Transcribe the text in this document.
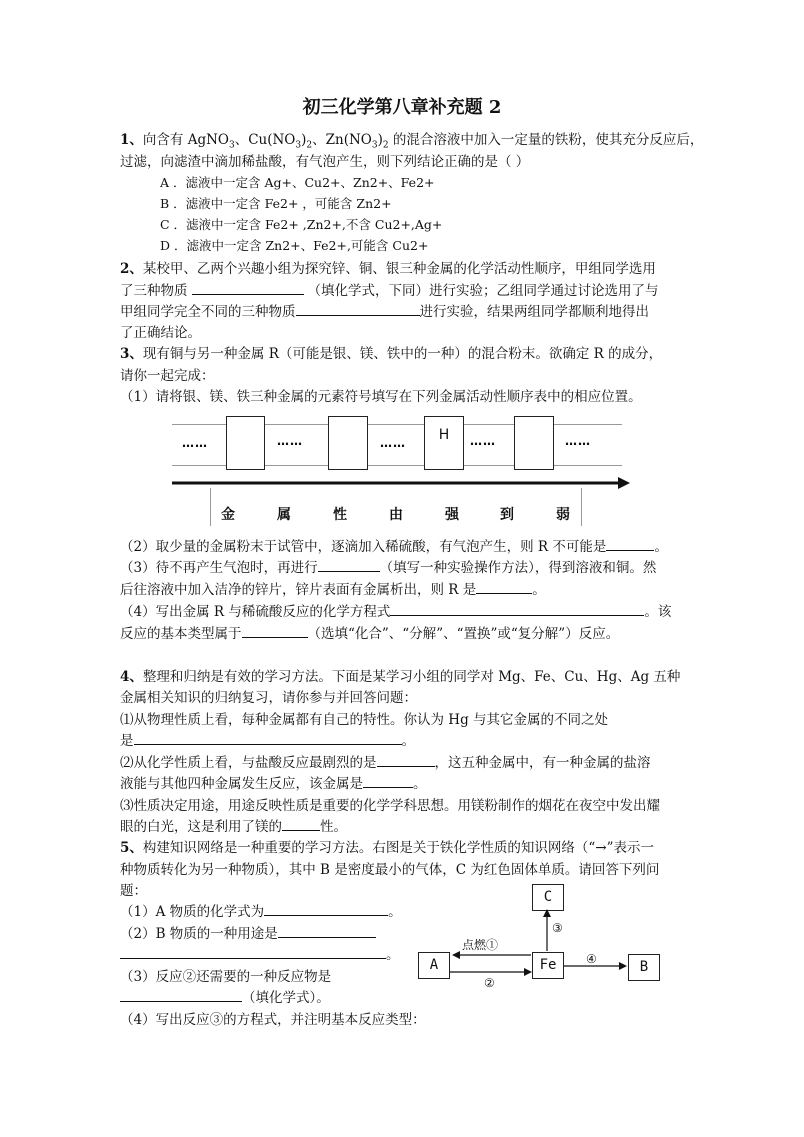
初三化学第八章补充题 2
1、向含有 AgNO$_3$、$Cu(NO_3)_2$、$Zn(NO_3)_2$ 的混合溶液中加入一定量的铁粉，使其充分反应后，
过滤，向滤渣中滴加稀盐酸，有气泡产生，则下列结论正确的是（ ）
A ．滤液中一定含 Ag+、Cu2+、Zn2+、Fe2+
B ．滤液中一定含 Fe2+ ，可能含 Zn2+
C ．滤液中一定含 Fe2+ ,Zn2+,不含 Cu2+,Ag+
D ．滤液中一定含 Zn2+、Fe2+,可能含 Cu2+
2、某校甲、乙两个兴趣小组为探究锌、铜、银三种金属的化学活动性顺序，甲组同学选用
了三种物质	（填化学式，下同）进行实验；乙组同学通过讨论选用了与
甲组同学完全不同的三种物质	进行实验，结果两组同学都顺利地得出
了正确结论。
3、现有铜与另一种金属 R（可能是银、镁、铁中的一种）的混合粉末。欲确定 R 的成分，
请你一起完成：
（1）请将银、镁、铁三种金属的元素符号填写在下列金属活动性顺序表中的相应位置。
……	……	……	H	……	……
金	属	性	由	强	到	弱
（2）取少量的金属粉末于试管中，逐滴加入稀硫酸，有气泡产生，则 R 不可能是	。
（3）待不再产生气泡时，再进行	（填写一种实验操作方法），得到溶液和铜。然
后往溶液中加入洁净的锌片，锌片表面有金属析出，则 R 是	。
（4）写出金属 R 与稀硫酸反应的化学方程式	。该
反应的基本类型属于	（选填“化合”、“分解”、“置换”或“复分解”）反应。
4、整理和归纳是有效的学习方法。下面是某学习小组的同学对 Mg、Fe、Cu、Hg、Ag 五种
金属相关知识的归纳复习，请你参与并回答问题：
⑴从物理性质上看，每种金属都有自己的特性。你认为 Hg 与其它金属的不同之处
是	。
⑵从化学性质上看，与盐酸反应最剧烈的是	，这五种金属中，有一种金属的盐溶
液能与其他四种金属发生反应，该金属是	。
⑶性质决定用途，用途反映性质是重要的化学学科思想。用镁粉制作的烟花在夜空中发出耀
眼的白光，这是利用了镁的	性。
5、构建知识网络是一种重要的学习方法。右图是关于铁化学性质的知识网络（“→”表示一
种物质转化为另一种物质），其中 B 是密度最小的气体，C 为红色固体单质。请回答下列问
题：
（1）A 物质的化学式为	。
（2）B 物质的一种用途是
。
（3）反应②还需要的一种反应物是
（填化学式）。
（4）写出反应③的方程式，并注明基本反应类型：
C
A	Fe	B
点燃①
②
③
④
